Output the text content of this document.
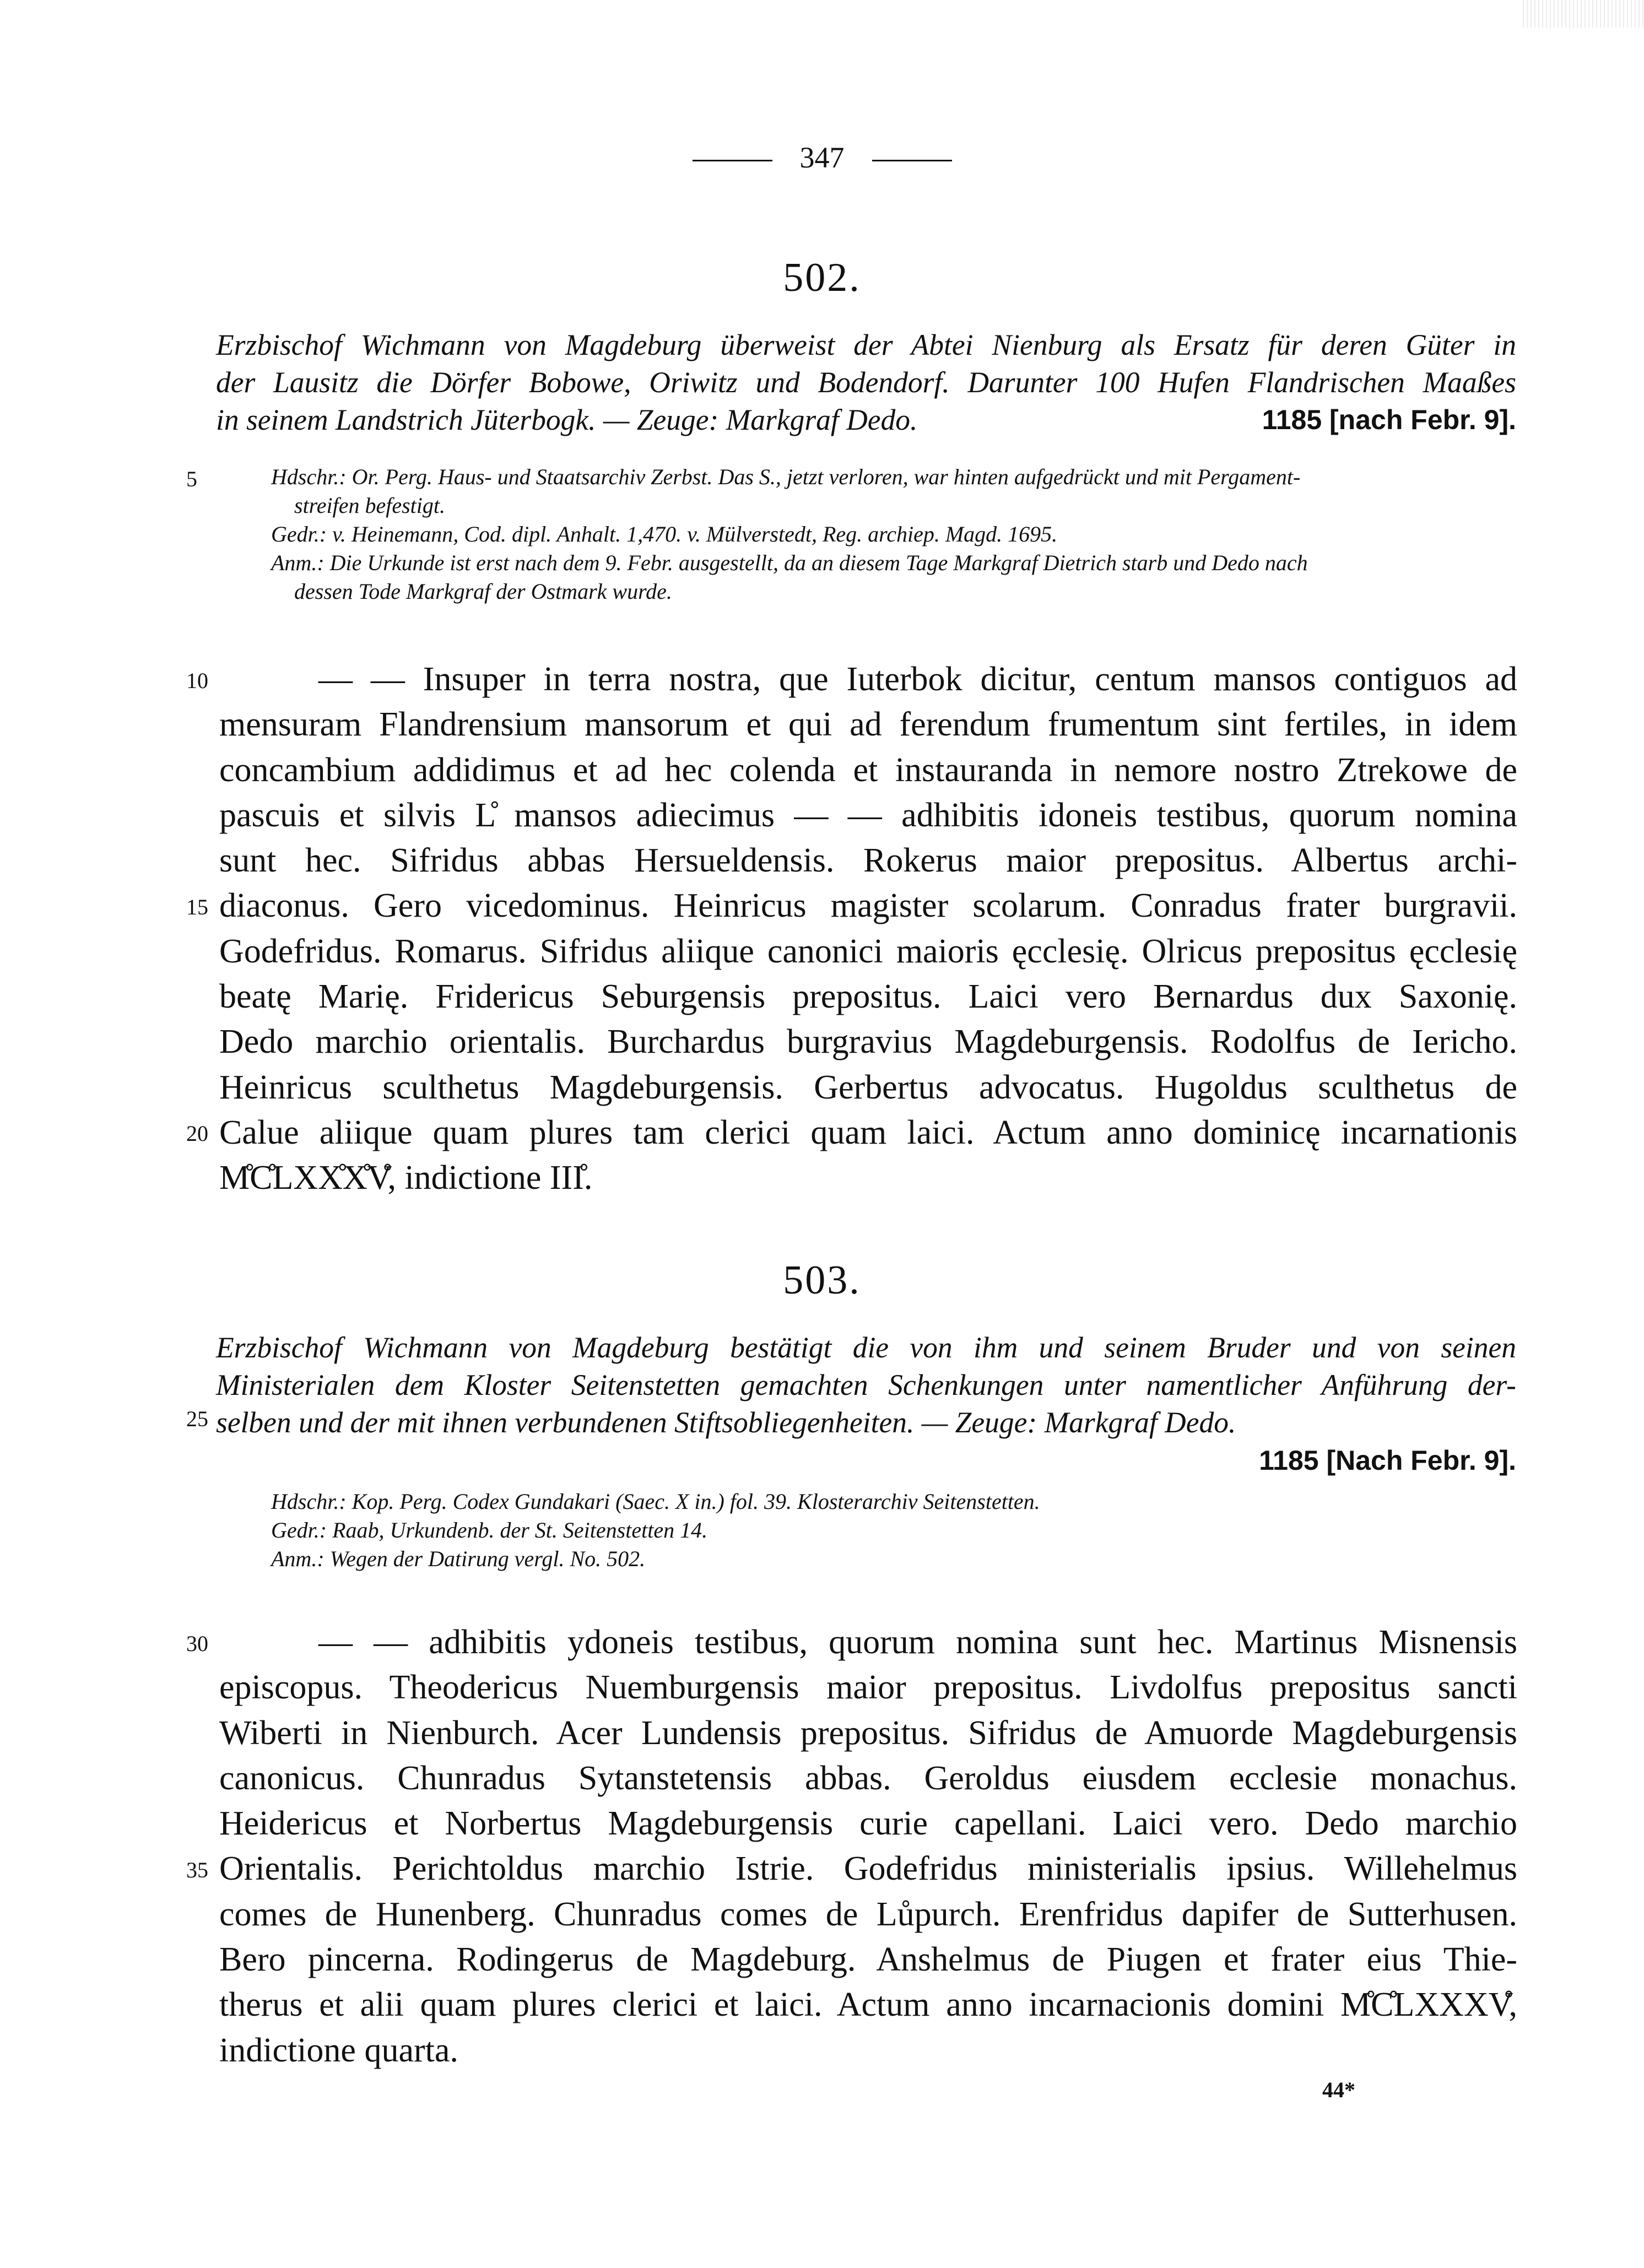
347
502.
Erzbischof Wichmann von Magdeburg überweist der Abtei Nienburg als Ersatz für deren Güter in
der Lausitz die Dörfer Bobowe, Oriwitz und Bodendorf. Darunter 100 Hufen Flandrischen Maaßes
in seinem Landstrich Jüterbogk. — Zeuge: Markgraf Dedo.	1185 [nach Febr. 9].
5	Hdschr.: Or. Perg. Haus- und Staatsarchiv Zerbst. Das S., jetzt verloren, war hinten aufgedrückt und mit Pergament-
streifen befestigt.
Gedr.: v. Heinemann, Cod. dipl. Anhalt. 1,470. v. Mülverstedt, Reg. archiep. Magd. 1695.
Anm.: Die Urkunde ist erst nach dem 9. Febr. ausgestellt, da an diesem Tage Markgraf Dietrich starb und Dedo nach
dessen Tode Markgraf der Ostmark wurde.
10
15
20
— — Insuper in terra nostra, que Iuterbok dicitur, centum mansos contiguos ad
mensuram Flandrensium mansorum et qui ad ferendum frumentum sint fertiles, in idem
concambium addidimus et ad hec colenda et instauranda in nemore nostro Ztrekowe de
pascuis et silvis L̊ mansos adiecimus — — adhibitis idoneis testibus, quorum nomina
sunt hec. Sifridus abbas Hersueldensis. Rokerus maior prepositus. Albertus archi-
diaconus. Gero vicedominus. Heinricus magister scolarum. Conradus frater burgravii.
Godefridus. Romarus. Sifridus aliique canonici maioris ęcclesię. Olricus prepositus ęcclesię
beatę Marię. Fridericus Seburgensis prepositus. Laici vero Bernardus dux Saxonię.
Dedo marchio orientalis. Burchardus burgravius Magdeburgensis. Rodolfus de Iericho.
Heinricus sculthetus Magdeburgensis. Gerbertus advocatus. Hugoldus sculthetus de
Calue aliique quam plures tam clerici quam laici. Actum anno dominicę incarnationis
M̊C̊LXX̊X̊V̊, indictione III̊.
503.
25
Erzbischof Wichmann von Magdeburg bestätigt die von ihm und seinem Bruder und von seinen
Ministerialen dem Kloster Seitenstetten gemachten Schenkungen unter namentlicher Anführung der-
selben und der mit ihnen verbundenen Stiftsobliegenheiten. — Zeuge: Markgraf Dedo.
1185 [Nach Febr. 9].
Hdschr.: Kop. Perg. Codex Gundakari (Saec. X in.) fol. 39. Klosterarchiv Seitenstetten.
Gedr.: Raab, Urkundenb. der St. Seitenstetten 14.
Anm.: Wegen der Datirung vergl. No. 502.
30
35
— — adhibitis ydoneis testibus, quorum nomina sunt hec. Martinus Misnensis
episcopus. Theodericus Nuemburgensis maior prepositus. Livdolfus prepositus sancti
Wiberti in Nienburch. Acer Lundensis prepositus. Sifridus de Amuorde Magdeburgensis
canonicus. Chunradus Sytanstetensis abbas. Geroldus eiusdem ecclesie monachus.
Heidericus et Norbertus Magdeburgensis curie capellani. Laici vero. Dedo marchio
Orientalis. Perichtoldus marchio Istrie. Godefridus ministerialis ipsius. Willehelmus
comes de Hunenberg. Chunradus comes de Lůpurch. Erenfridus dapifer de Sutterhusen.
Bero pincerna. Rodingerus de Magdeburg. Anshelmus de Piugen et frater eius Thie-
therus et alii quam plures clerici et laici. Actum anno incarnacionis domini M̊C̊LXXXV̊,
indictione quarta.
44*
